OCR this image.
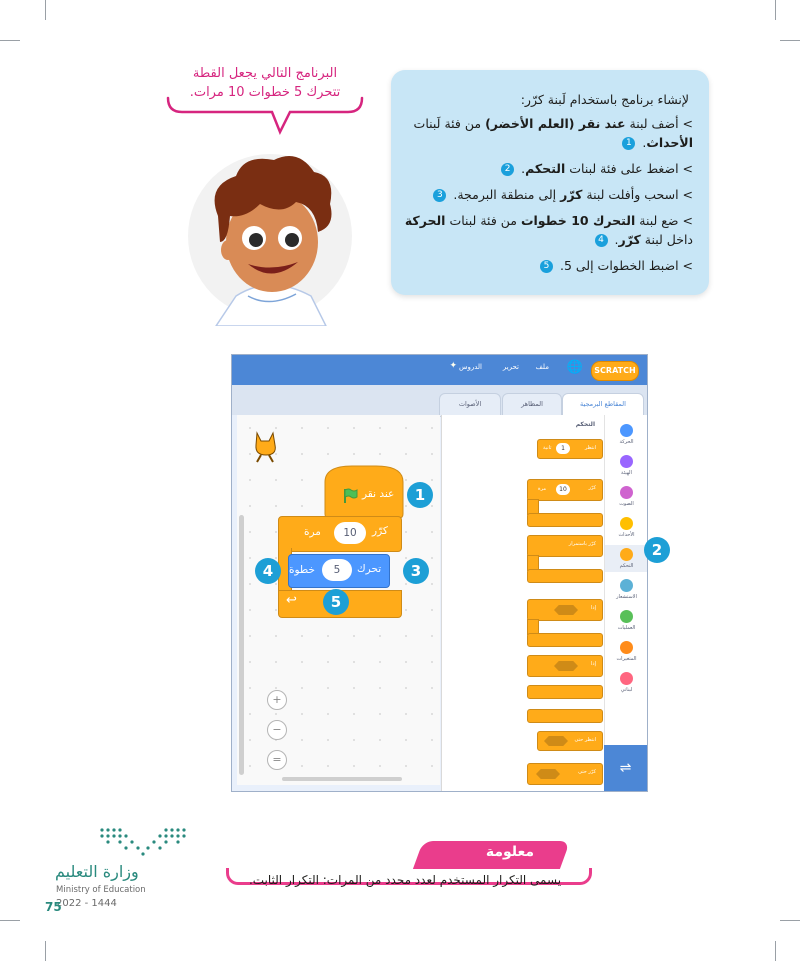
البرنامج التالي يجعل القطة
تتحرك 5 خطوات 10 مرات.	لإنشاء برنامج باستخدام لَبنة كرّر:
> أضف لبنة عند نقر (العلم الأخضر) من فئة لَبنات الأحداث. 1
> اضغط على فئة لبنات التحكم. 2
> اسحب وأفلت لبنة كرّر إلى منطقة البرمجة. 3
> ضع لبنة التحرك 10 خطوات من فئة لبنات الحركة داخل لبنة كرّر. 4
> اضبط الخطوات إلى 5. 5
SCRATCH
🌐
ملف
تحرير
الدروس
✦
المقاطع البرمجية
المظاهر
الأصوات
+
−
=
التحكم
انتظر
1
ثانية
كرّر
10
مرة
كرّر باستمرار
إذا
إذا
انتظر حتى
كرّر حتى
الحركة
الهيئة
الصوت
الأحداث
التحكم
الاستشعار
العمليات
المتغيرات
لبناتي
⇌
عند نقر
كرّر
10
مرة
↩
تحرك
5
خطوة
1
2
3
4
5
وزارة التعليم
Ministry of Education
2022 - 1444
75
معلومة
يسمى التكرار المستخدم لعدد محدد من المرات: التكرار الثابت.
